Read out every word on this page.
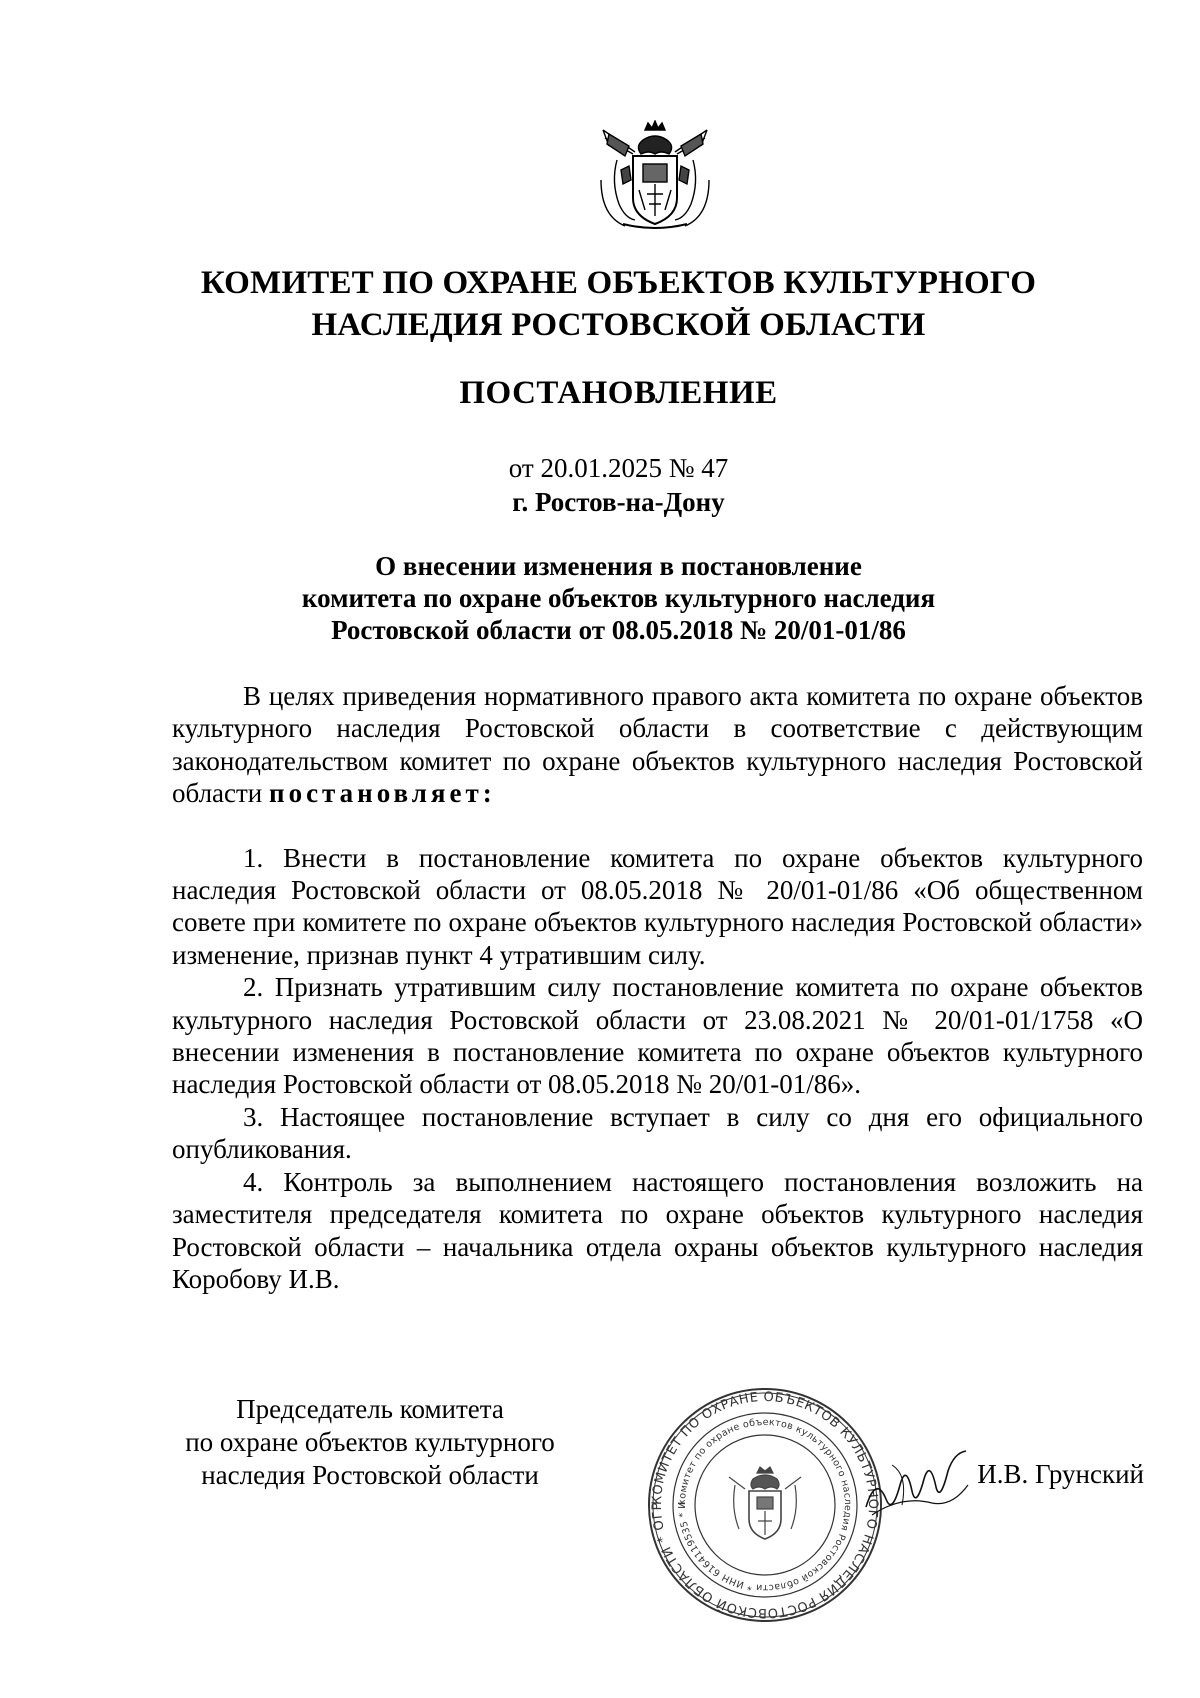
КОМИТЕТ ПО ОХРАНЕ ОБЪЕКТОВ КУЛЬТУРНОГО
НАСЛЕДИЯ РОСТОВСКОЙ ОБЛАСТИ
ПОСТАНОВЛЕНИЕ
от 20.01.2025 № 47
г. Ростов-на-Дону
О внесении изменения в постановление
комитета по охране объектов культурного наследия
Ростовской области от 08.05.2018 № 20/01-01/86

В целях приведения нормативного правого акта комитета по охране объектов культурного наследия Ростовской области в соответствие с действующим законодательством комитет по охране объектов культурного наследия Ростовской области постановляет:

1. Внести в постановление комитета по охране объектов культурного наследия Ростовской области от 08.05.2018 № 20/01-01/86 «Об общественном совете при комитете по охране объектов культурного наследия Ростовской области» изменение, признав пункт 4 утратившим силу.

2. Признать утратившим силу постановление комитета по охране объектов культурного наследия Ростовской области от 23.08.2021 № 20/01-01/1758 «О внесении изменения в постановление комитета по охране объектов культурного наследия Ростовской области от 08.05.2018 № 20/01-01/86».

3. Настоящее постановление вступает в силу со дня его официального опубликования.

4. Контроль за выполнением настоящего постановления возложить на заместителя председателя комитета по охране объектов культурного наследия Ростовской области – начальника отдела охраны объектов культурного наследия Коробову И.В.

Председатель комитета
по охране объектов культурного
наследия Ростовской области
КОМИТЕТ ПО ОХРАНЕ ОБЪЕКТОВ КУЛЬТУРНОГО НАСЛЕДИЯ РОСТОВСКОЙ ОБЛАСТИ * ОГР	комитет по охране объектов культурного наследия Ростовской области * ИНН 6164119535 * И
И.В. Грунский
